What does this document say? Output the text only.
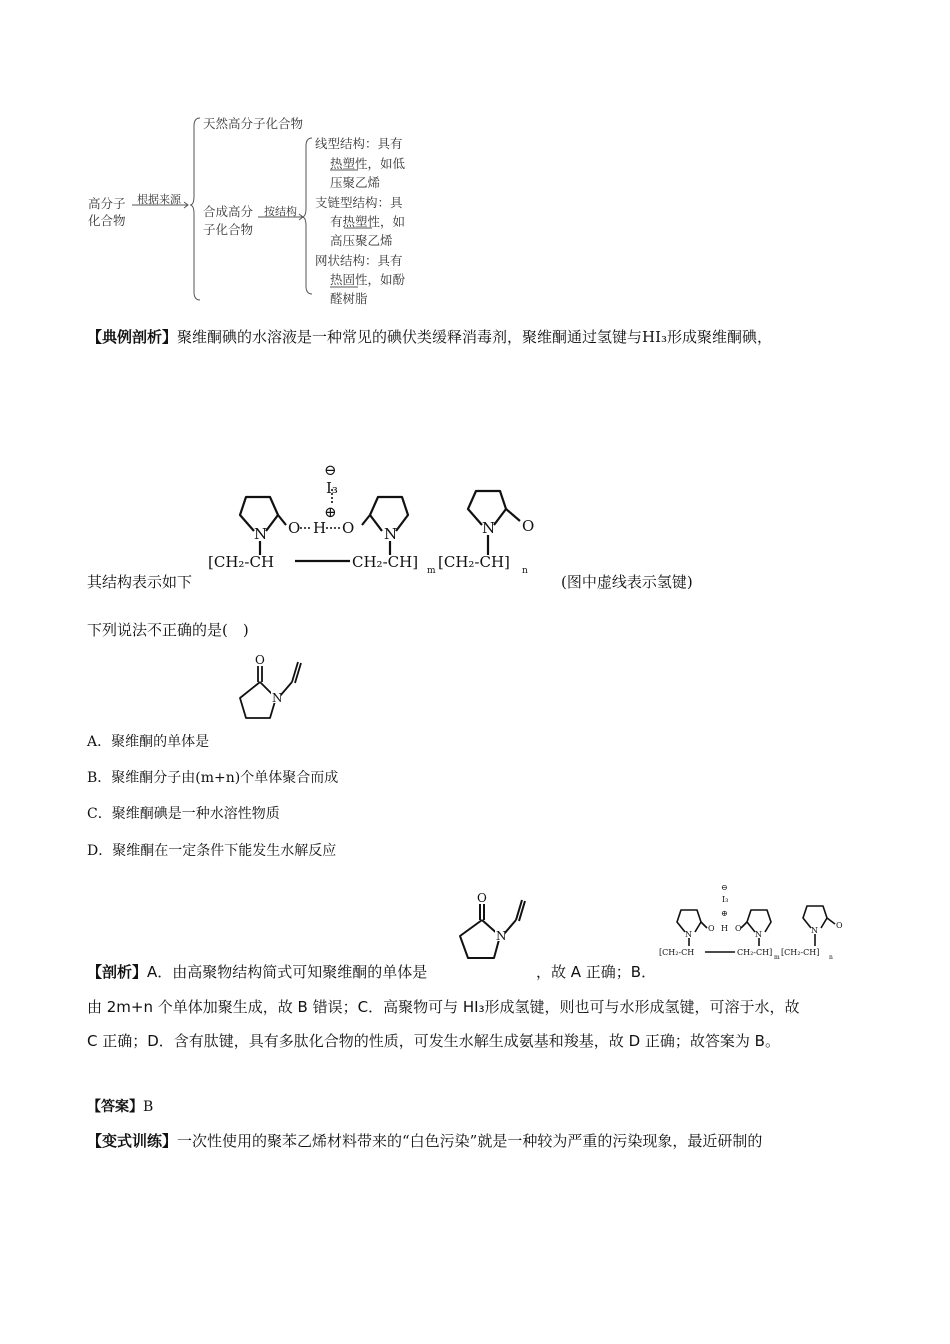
高分子
化合物
根据来源
天然高分子化合物
合成高分
子化合物
按结构
线型结构：具有
热塑性，如低
压聚乙烯
支链型结构：具
有热塑性，如
高压聚乙烯
网状结构：具有
热固性，如酚
醛树脂
【典例剖析】聚维酮碘的水溶液是一种常见的碘伏类缓释消毒剂，聚维酮通过氢键与HI₃形成聚维酮碘，
其结构表示如下	(图中虚线表示氢键)
⊖
I₃
⊕
N O H O N	N O
[CH₂-CH	CH₂-CH] m [CH₂-CH] n
下列说法不正确的是(　)
O
N
A．聚维酮的单体是
B．聚维酮分子由(m+n)个单体聚合而成
C．聚维酮碘是一种水溶性物质
D．聚维酮在一定条件下能发生水解反应
O
N
⊖
I₃
⊕
N
O H O
N	N
O
[CH₂-CH	CH₂-CH]
m
[CH₂-CH]
n
【剖析】A．由高聚物结构简式可知聚维酮的单体是	，故 A 正确；B．
由 2m+n 个单体加聚生成，故 B 错误；C．高聚物可与 HI₃形成氢键，则也可与水形成氢键，可溶于水，故
C 正确；D．含有肽键，具有多肽化合物的性质，可发生水解生成氨基和羧基，故 D 正确；故答案为 B。
【答案】B
【变式训练】一次性使用的聚苯乙烯材料带来的“白色污染”就是一种较为严重的污染现象，最近研制的
